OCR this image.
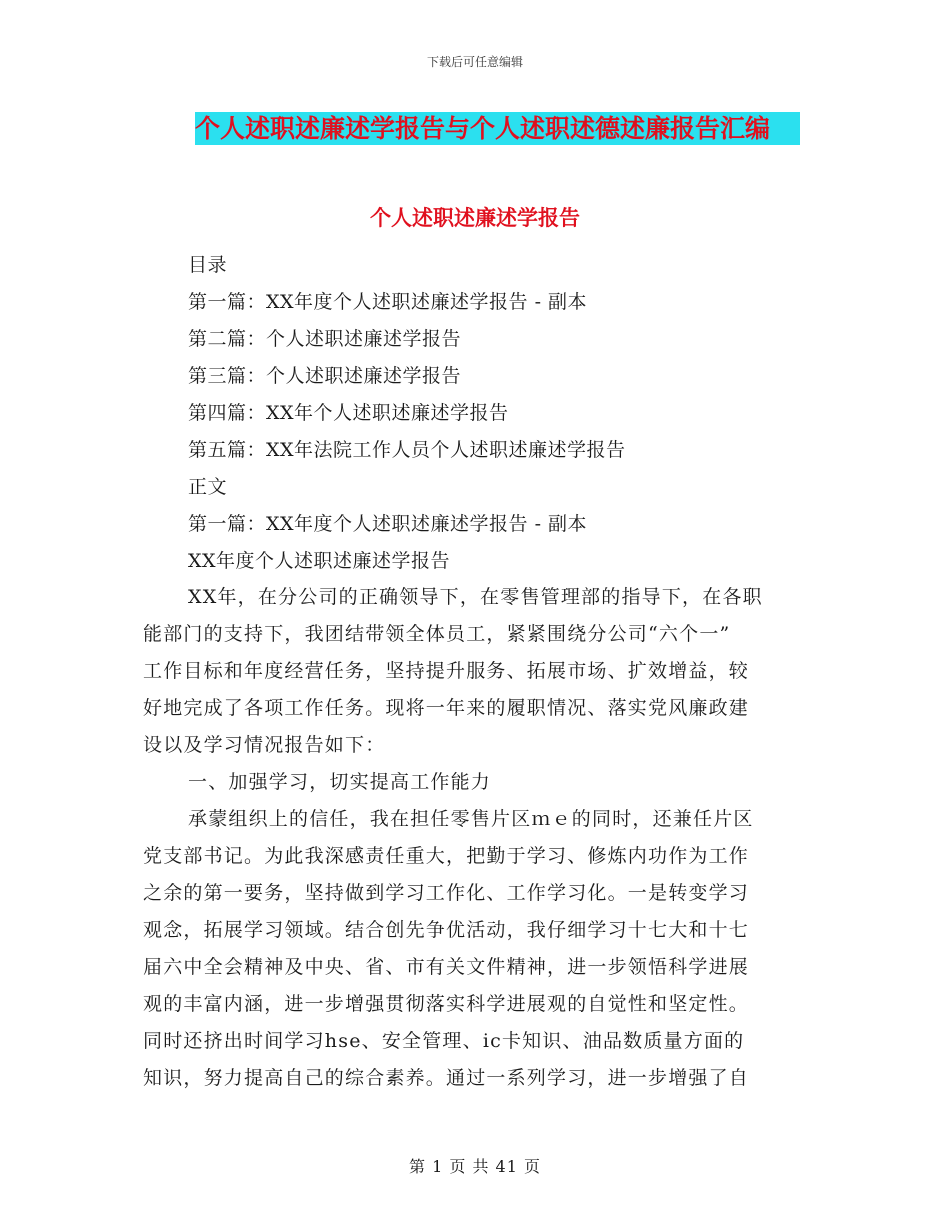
下载后可任意编辑
个人述职述廉述学报告与个人述职述德述廉报告汇编
个人述职述廉述学报告
目录
第一篇：XX年度个人述职述廉述学报告 - 副本
第二篇：个人述职述廉述学报告
第三篇：个人述职述廉述学报告
第四篇：XX年个人述职述廉述学报告
第五篇：XX年法院工作人员个人述职述廉述学报告
正文
第一篇：XX年度个人述职述廉述学报告 - 副本
XX年度个人述职述廉述学报告
XX年，在分公司的正确领导下，在零售管理部的指导下，在各职
能部门的支持下，我团结带领全体员工，紧紧围绕分公司“六个一”
工作目标和年度经营任务，坚持提升服务、拓展市场、扩效增益，较
好地完成了各项工作任务。现将一年来的履职情况、落实党风廉政建
设以及学习情况报告如下：
一、加强学习，切实提高工作能力
承蒙组织上的信任，我在担任零售片区ｍｅ的同时，还兼任片区
党支部书记。为此我深感责任重大，把勤于学习、修炼内功作为工作
之余的第一要务，坚持做到学习工作化、工作学习化。一是转变学习
观念，拓展学习领域。结合创先争优活动，我仔细学习十七大和十七
届六中全会精神及中央、省、市有关文件精神，进一步领悟科学进展
观的丰富内涵，进一步增强贯彻落实科学进展观的自觉性和坚定性。
同时还挤出时间学习hse、安全管理、ic卡知识、油品数质量方面的
知识，努力提高自己的综合素养。通过一系列学习，进一步增强了自
第 1 页 共 41 页
